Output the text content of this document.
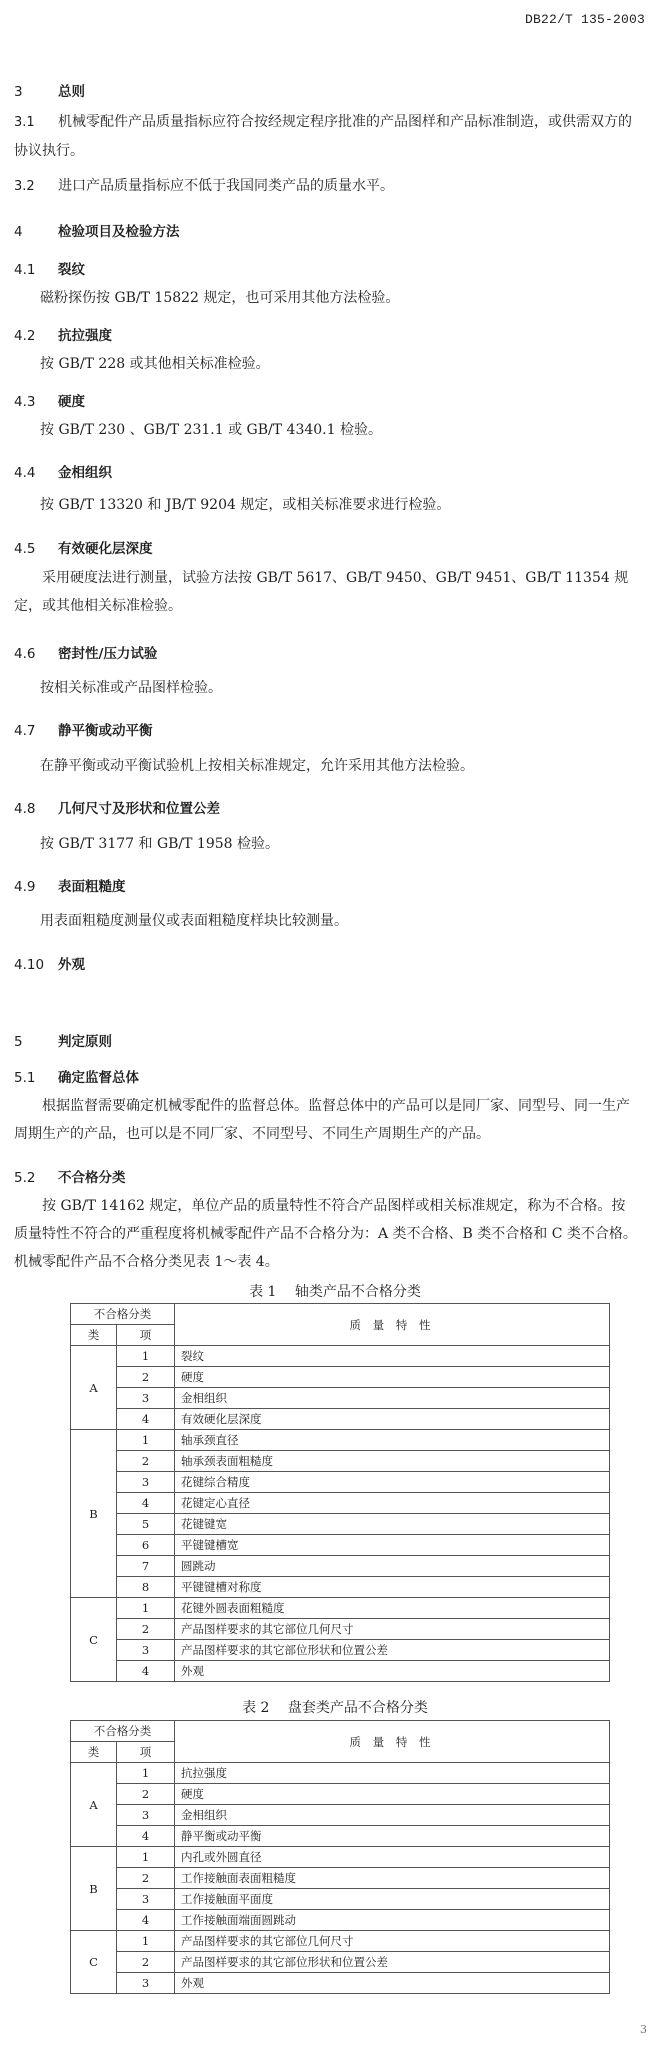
DB22/T 135-2003
3	总则
3.1 机械零配件产品质量指标应符合按经规定程序批准的产品图样和产品标准制造，或供需双方的协议执行。
3.2 进口产品质量指标应不低于我国同类产品的质量水平。
4	检验项目及检验方法
4.1 裂纹
磁粉探伤按 GB/T 15822 规定，也可采用其他方法检验。
4.2 抗拉强度
按 GB/T 228 或其他相关标准检验。
4.3 硬度
按 GB/T 230 、GB/T 231.1 或 GB/T 4340.1 检验。
4.4 金相组织
按 GB/T 13320 和 JB/T 9204 规定，或相关标准要求进行检验。
4.5 有效硬化层深度
采用硬度法进行测量，试验方法按 GB/T 5617、GB/T 9450、GB/T 9451、GB/T 11354 规定，或其他相关标准检验。
4.6 密封性/压力试验
按相关标准或产品图样检验。
4.7 静平衡或动平衡
在静平衡或动平衡试验机上按相关标准规定，允许采用其他方法检验。
4.8 几何尺寸及形状和位置公差
按 GB/T 3177 和 GB/T 1958 检验。
4.9 表面粗糙度
用表面粗糙度测量仪或表面粗糙度样块比较测量。
4.10 外观
5	判定原则
5.1 确定监督总体
根据监督需要确定机械零配件的监督总体。监督总体中的产品可以是同厂家、同型号、同一生产周期生产的产品，也可以是不同厂家、不同型号、不同生产周期生产的产品。
5.2 不合格分类
按 GB/T 14162 规定，单位产品的质量特性不符合产品图样或相关标准规定，称为不合格。按质量特性不符合的严重程度将机械零配件产品不合格分为：A 类不合格、B 类不合格和 C 类不合格。机械零配件产品不合格分类见表 1～表 4。
表 1　 轴类产品不合格分类
不合格分类		质 量 特 性
类	项	
A	1	裂纹
	2	硬度
	3	金相组织
	4	有效硬化层深度
B	1	轴承颈直径
	2	轴承颈表面粗糙度
	3	花键综合精度
	4	花键定心直径
	5	花键键宽
	6	平键键槽宽
	7	圆跳动
	8	平键键槽对称度
C	1	花键外圆表面粗糙度
	2	产品图样要求的其它部位几何尺寸
	3	产品图样要求的其它部位形状和位置公差
	4	外观
表 2　 盘套类产品不合格分类
不合格分类		质 量 特 性
类	项	
A	1	抗拉强度
	2	硬度
	3	金相组织
	4	静平衡或动平衡
B	1	内孔或外圆直径
	2	工作接触面表面粗糙度
	3	工作接触面平面度
	4	工作接触面端面圆跳动
C	1	产品图样要求的其它部位几何尺寸
	2	产品图样要求的其它部位形状和位置公差
	3	外观
3
